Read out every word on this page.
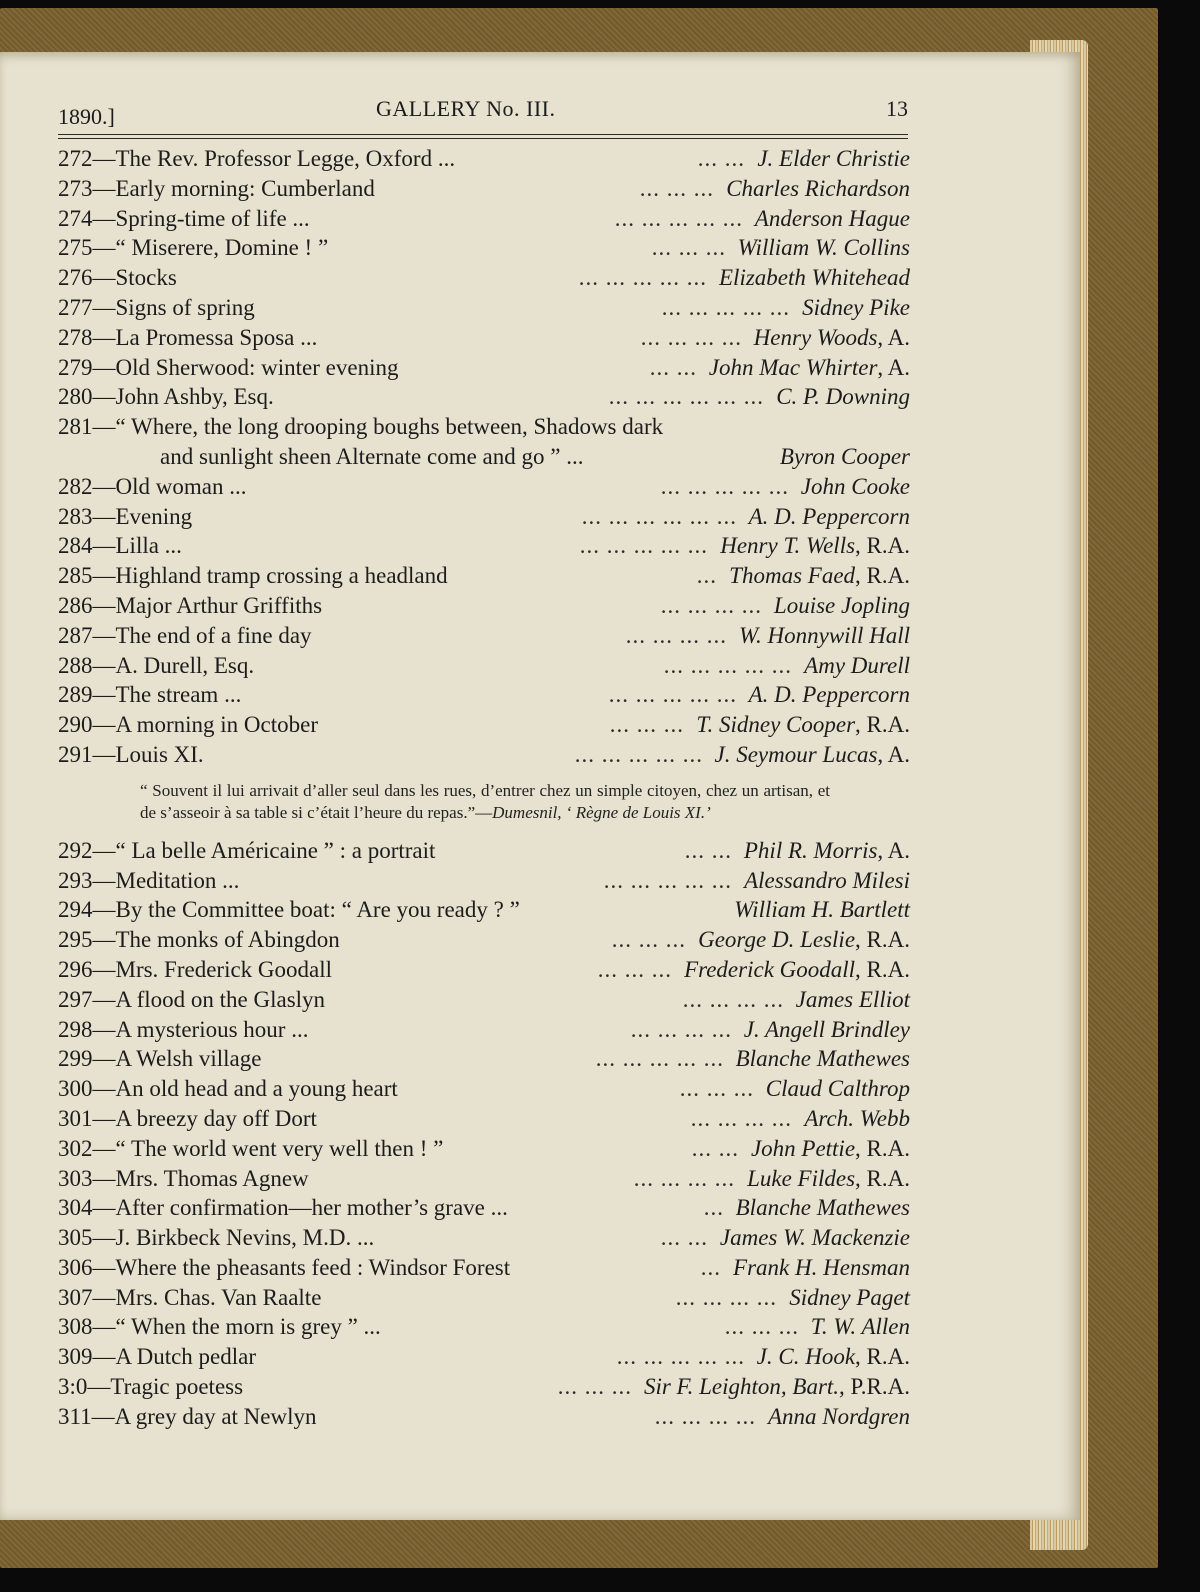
1890.]	GALLERY No. III.	13
272—The Rev. Professor Legge, Oxford ...	... ... J. Elder Christie
273—Early morning: Cumberland	... ... ... Charles Richardson
274—Spring-time of life ...	... ... ... ... ... Anderson Hague
275—“ Miserere, Domine ! ”	... ... ... William W. Collins
276—Stocks	... ... ... ... ... Elizabeth Whitehead
277—Signs of spring	... ... ... ... ... Sidney Pike
278—La Promessa Sposa ...	... ... ... ... Henry Woods, A.
279—Old Sherwood: winter evening	... ... John Mac Whirter, A.
280—John Ashby, Esq.	... ... ... ... ... ... C. P. Downing
281—“ Where, the long drooping boughs between, Shadows dark
and sunlight sheen Alternate come and go ” ...	Byron Cooper
282—Old woman ...	... ... ... ... ... John Cooke
283—Evening	... ... ... ... ... ... A. D. Peppercorn
284—Lilla ...	... ... ... ... ... Henry T. Wells, R.A.
285—Highland tramp crossing a headland	... Thomas Faed, R.A.
286—Major Arthur Griffiths	... ... ... ... Louise Jopling
287—The end of a fine day	... ... ... ... W. Honnywill Hall
288—A. Durell, Esq.	... ... ... ... ... Amy Durell
289—The stream ...	... ... ... ... ... A. D. Peppercorn
290—A morning in October	... ... ... T. Sidney Cooper, R.A.
291—Louis XI.	... ... ... ... ... J. Seymour Lucas, A.
“ Souvent il lui arrivait d’aller seul dans les rues, d’entrer chez un simple citoyen, chez un artisan, et de s’asseoir à sa table si c’était l’heure du repas.”—Dumesnil, ‘ Règne de Louis XI.’
292—“ La belle Américaine ” : a portrait	... ... Phil R. Morris, A.
293—Meditation ...	... ... ... ... ... Alessandro Milesi
294—By the Committee boat: “ Are you ready ? ”	William H. Bartlett
295—The monks of Abingdon	... ... ... George D. Leslie, R.A.
296—Mrs. Frederick Goodall	... ... ... Frederick Goodall, R.A.
297—A flood on the Glaslyn	... ... ... ... James Elliot
298—A mysterious hour ...	... ... ... ... J. Angell Brindley
299—A Welsh village	... ... ... ... ... Blanche Mathewes
300—An old head and a young heart	... ... ... Claud Calthrop
301—A breezy day off Dort	... ... ... ... Arch. Webb
302—“ The world went very well then ! ”	... ... John Pettie, R.A.
303—Mrs. Thomas Agnew	... ... ... ... Luke Fildes, R.A.
304—After confirmation—her mother’s grave ...	... Blanche Mathewes
305—J. Birkbeck Nevins, M.D. ...	... ... James W. Mackenzie
306—Where the pheasants feed : Windsor Forest	... Frank H. Hensman
307—Mrs. Chas. Van Raalte	... ... ... ... Sidney Paget
308—“ When the morn is grey ” ...	... ... ... T. W. Allen
309—A Dutch pedlar	... ... ... ... ... J. C. Hook, R.A.
3:0—Tragic poetess	... ... ... Sir F. Leighton, Bart., P.R.A.
311—A grey day at Newlyn	... ... ... ... Anna Nordgren
